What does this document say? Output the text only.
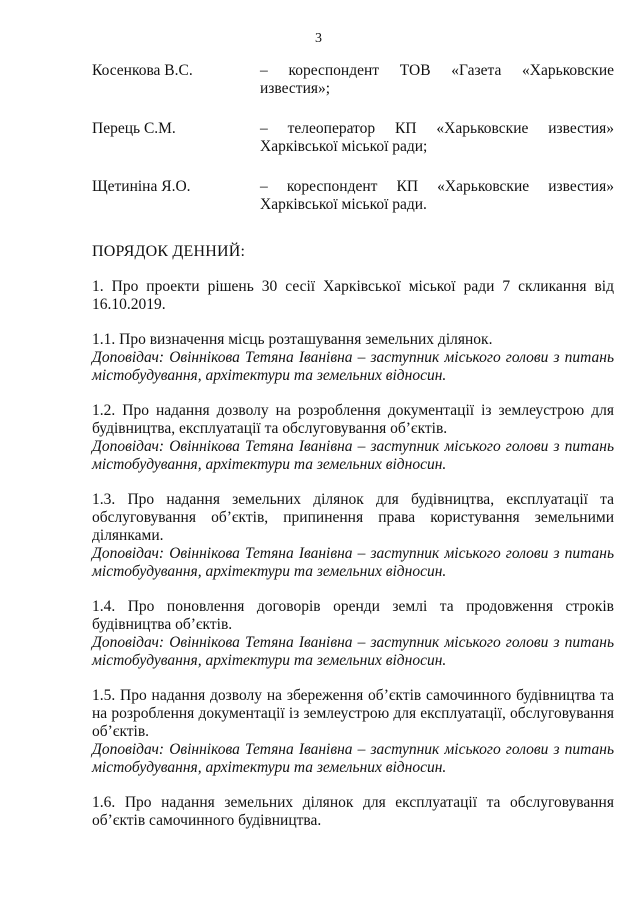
3
Косенкова В.С.	– кореспондент ТОВ «Газета «Харьковские известия»;
Перець С.М.	– телеоператор КП «Харьковские известия» Харківської міської ради;
Щетиніна Я.О.	– кореспондент КП «Харьковские известия» Харківської міської ради.
ПОРЯДОК ДЕННИЙ:
1. Про проекти рішень 30 сесії Харківської міської ради 7 скликання від 16.10.2019.
1.1. Про визначення місць розташування земельних ділянок.
Доповідач: Овіннікова Тетяна Іванівна – заступник міського голови з питань містобудування, архітектури та земельних відносин.
1.2. Про надання дозволу на розроблення документації із землеустрою для будівництва, експлуатації та обслуговування об’єктів.
Доповідач: Овіннікова Тетяна Іванівна – заступник міського голови з питань містобудування, архітектури та земельних відносин.
1.3. Про надання земельних ділянок для будівництва, експлуатації та обслуговування об’єктів, припинення права користування земельними ділянками.
Доповідач: Овіннікова Тетяна Іванівна – заступник міського голови з питань містобудування, архітектури та земельних відносин.
1.4. Про поновлення договорів оренди землі та продовження строків будівництва об’єктів.
Доповідач: Овіннікова Тетяна Іванівна – заступник міського голови з питань містобудування, архітектури та земельних відносин.
1.5. Про надання дозволу на збереження об’єктів самочинного будівництва та на розроблення документації із землеустрою для експлуатації, обслуговування об’єктів.
Доповідач: Овіннікова Тетяна Іванівна – заступник міського голови з питань містобудування, архітектури та земельних відносин.
1.6. Про надання земельних ділянок для експлуатації та обслуговування об’єктів самочинного будівництва.
